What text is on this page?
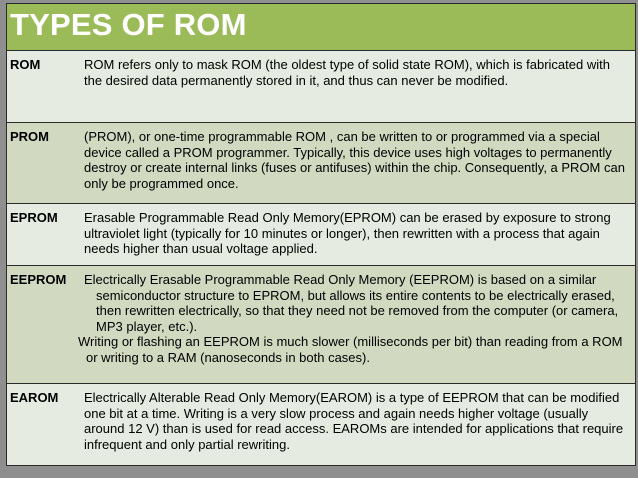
TYPES OF ROM
ROM	ROM refers only to mask ROM (the oldest type of solid state ROM), which is fabricated with the desired data permanently stored in it, and thus can never be modified.

PROM	(PROM), or one-time programmable ROM , can be written to or programmed via a special device called a PROM programmer. Typically, this device uses high voltages to permanently destroy or create internal links (fuses or antifuses) within the chip. Consequently, a PROM can only be programmed once.

EPROM Erasable Programmable Read Only Memory(EPROM) can be erased by exposure to strong ultraviolet light (typically for 10 minutes or longer), then rewritten with a process that again needs higher than usual voltage applied.

EEPROM Electrically Erasable Programmable Read Only Memory (EEPROM) is based on a similar semiconductor structure to EPROM, but allows its entire contents to be electrically erased, then rewritten electrically, so that they need not be removed from the computer (or camera, MP3 player, etc.).

Writing or flashing an EEPROM is much slower (milliseconds per bit) than reading from a ROM or writing to a RAM (nanoseconds in both cases).

EAROM Electrically Alterable Read Only Memory(EAROM) is a type of EEPROM that can be modified one bit at a time. Writing is a very slow process and again needs higher voltage (usually around 12 V) than is used for read access. EAROMs are intended for applications that require infrequent and only partial rewriting.
